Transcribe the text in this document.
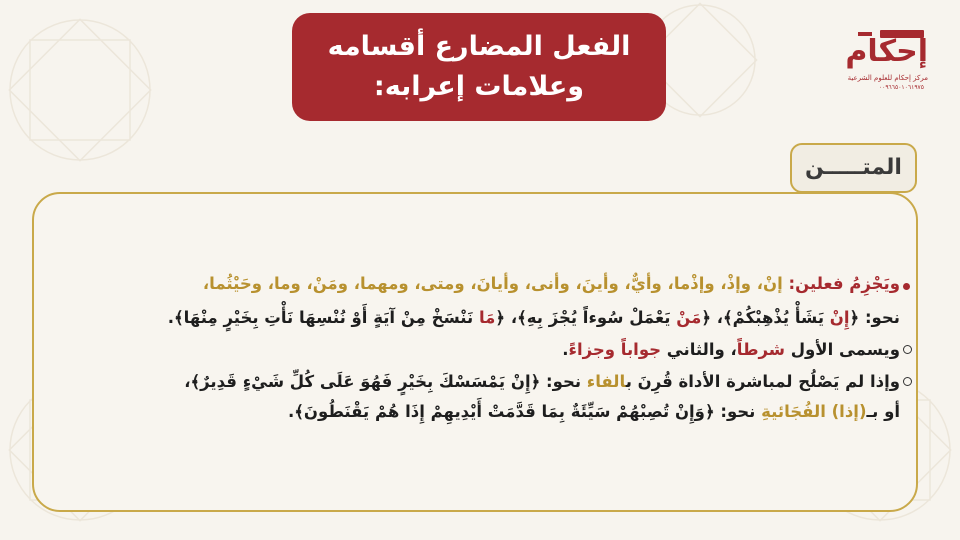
الفعل المضارع أقسامه
وعلامات إعرابه:
إحكام
مركز إحكام للعلوم الشرعية
٠٠٩٦٦٥٠١٠٦١٩٧٥
المتـــــن
ويَجْزِمُ فعلين: إنْ، وإذْ، وإذْما، وأيٌّ، وأينَ، وأنى، وأيانَ، ومتى، ومهما، ومَنْ، وما، وحَيْثُما،
نحو: ﴿إِنْ يَشَأْ يُذْهِبْكُمْ﴾، ﴿مَنْ يَعْمَلْ سُوءاً يُجْزَ بِهِ﴾، ﴿مَا نَنْسَخْ مِنْ آيَةٍ أَوْ نُنْسِهَا نَأْتِ بِخَيْرٍ مِنْهَا﴾.
ويسمى الأول شرطاً، والثاني جواباً وجزاءً.
وإذا لم يَصْلُح لمباشرة الأداة قُرِنَ بالفاء نحو: ﴿إِنْ يَمْسَسْكَ بِخَيْرٍ فَهُوَ عَلَى كُلِّ شَيْءٍ قَدِيرٌ﴾،
أو بـ(إذا) الفُجَائيةِ نحو: ﴿وَإِنْ تُصِبْهُمْ سَيِّئَةٌ بِمَا قَدَّمَتْ أَيْدِيهِمْ إِذَا هُمْ يَقْنَطُونَ﴾.
